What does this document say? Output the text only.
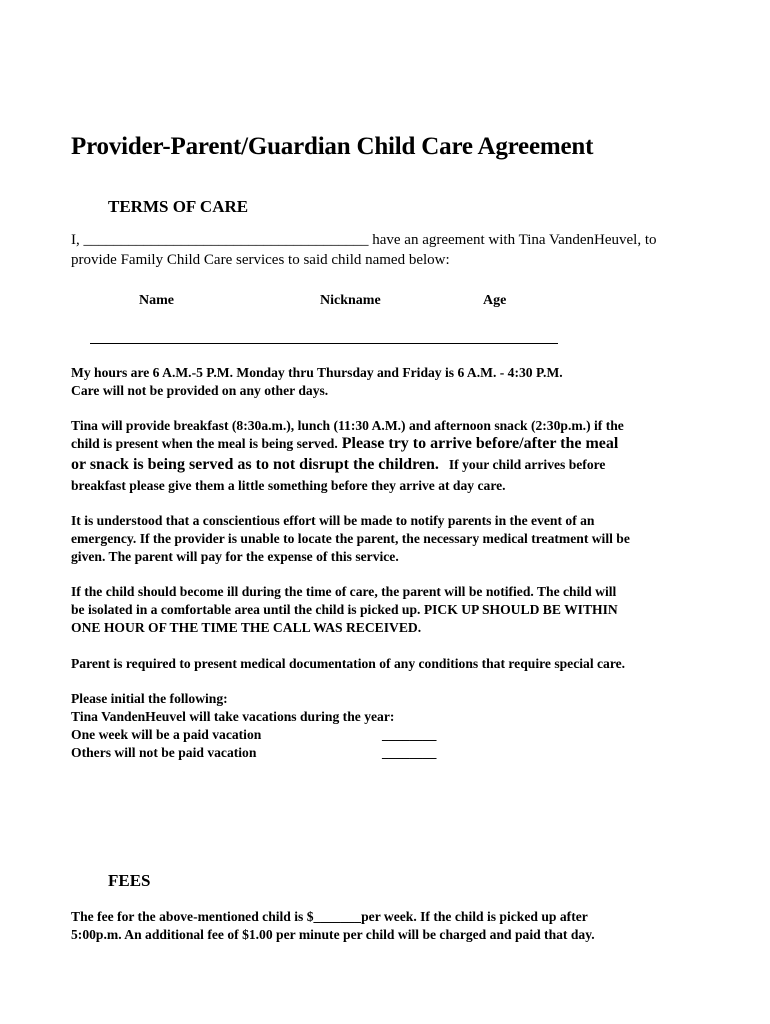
Provider-Parent/Guardian Child Care Agreement
TERMS OF CARE
I, ______________________________________ have an agreement with Tina VandenHeuvel, to
provide Family Child Care services to said child named below:
Name	Nickname	Age
My hours are 6 A.M.-5 P.M. Monday thru Thursday and Friday is 6 A.M. - 4:30 P.M.
Care will not be provided on any other days.
Tina will provide breakfast (8:30a.m.), lunch (11:30 A.M.) and afternoon snack (2:30p.m.) if the
child is present when the meal is being served. Please try to arrive before/after the meal
or snack is being served as to not disrupt the children. If your child arrives before
breakfast please give them a little something before they arrive at day care.
It is understood that a conscientious effort will be made to notify parents in the event of an
emergency. If the provider is unable to locate the parent, the necessary medical treatment will be
given. The parent will pay for the expense of this service.
If the child should become ill during the time of care, the parent will be notified. The child will
be isolated in a comfortable area until the child is picked up. PICK UP SHOULD BE WITHIN
ONE HOUR OF THE TIME THE CALL WAS RECEIVED.
Parent is required to present medical documentation of any conditions that require special care.
Please initial the following:
Tina VandenHeuvel will take vacations during the year:
One week will be a paid vacation	________
Others will not be paid vacation	________
FEES
The fee for the above-mentioned child is $_______per week. If the child is picked up after
5:00p.m. An additional fee of $1.00 per minute per child will be charged and paid that day.
